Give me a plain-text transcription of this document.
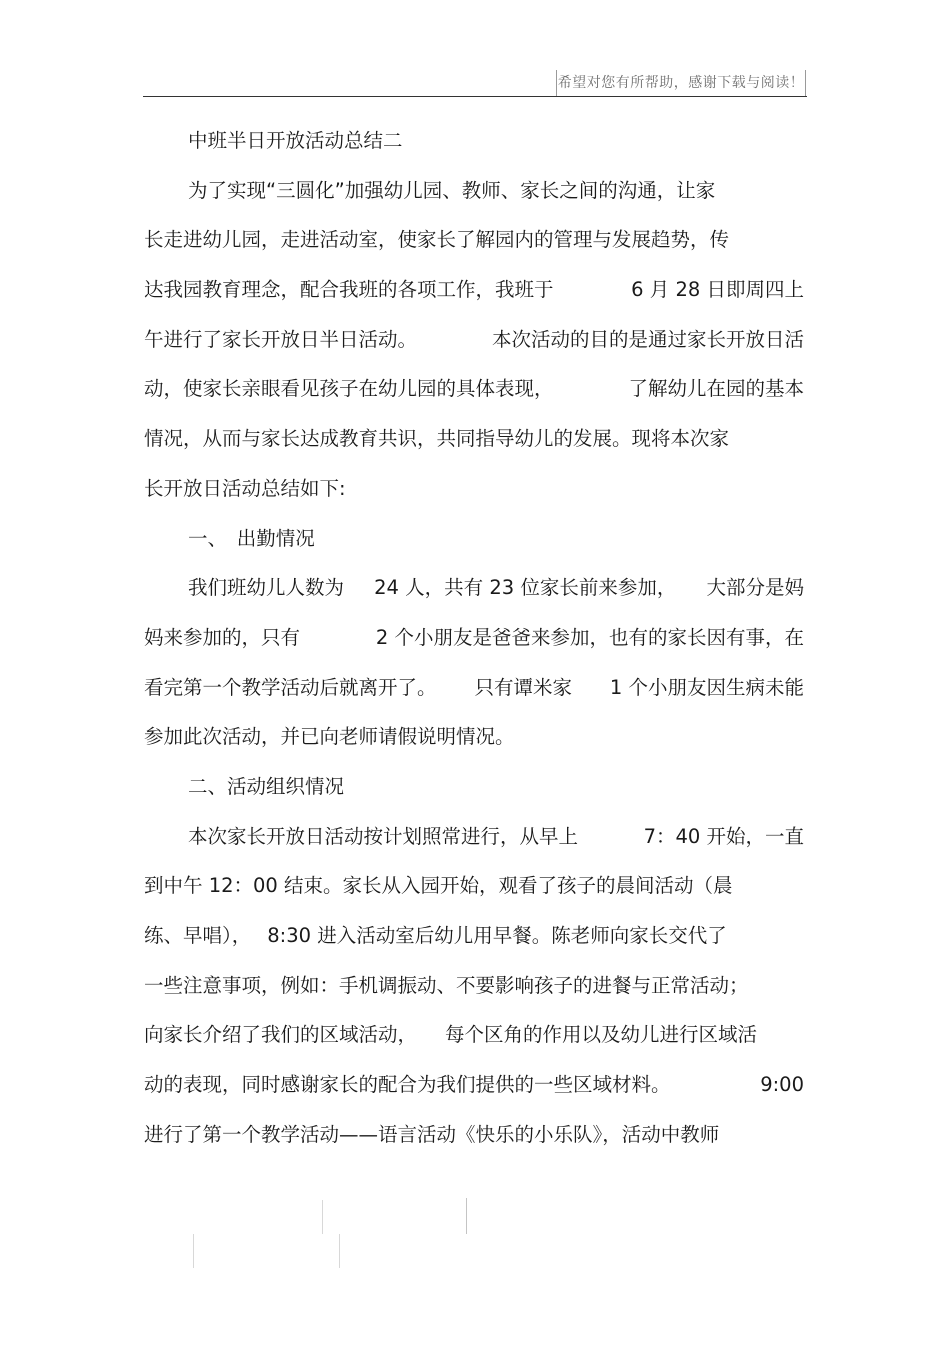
希望对您有所帮助，感谢下载与阅读！
中班半日开放活动总结二
为了实现“三圆化”加强幼儿园、教师、家长之间的沟通，让家
长走进幼儿园，走进活动室，使家长了解园内的管理与发展趋势，传
达我园教育理念，配合我班的各项工作，我班于	6 月 28 日即周四上
午进行了家长开放日半日活动。	本次活动的目的是通过家长开放日活
动，使家长亲眼看见孩子在幼儿园的具体表现，	了解幼儿在园的基本
情况，从而与家长达成教育共识，共同指导幼儿的发展。现将本次家
长开放日活动总结如下:
一、　出勤情况
我们班幼儿人数为 24 人，共有 23 位家长前来参加， 大部分是妈
妈来参加的，只有	2 个小朋友是爸爸来参加，也有的家长因有事，在
看完第一个教学活动后就离开了。 只有谭米家 1 个小朋友因生病未能
参加此次活动，并已向老师请假说明情况。
二、活动组织情况
本次家长开放日活动按计划照常进行，从早上	7：40 开始，一直
到中午 12：00 结束。家长从入园开始，观看了孩子的晨间活动（晨
练、早唱）， 8:30 进入活动室后幼儿用早餐。陈老师向家长交代了
一些注意事项，例如：手机调振动、不要影响孩子的进餐与正常活动；
向家长介绍了我们的区域活动， 每个区角的作用以及幼儿进行区域活
动的表现，同时感谢家长的配合为我们提供的一些区域材料。	9:00
进行了第一个教学活动——语言活动《快乐的小乐队》，活动中教师
